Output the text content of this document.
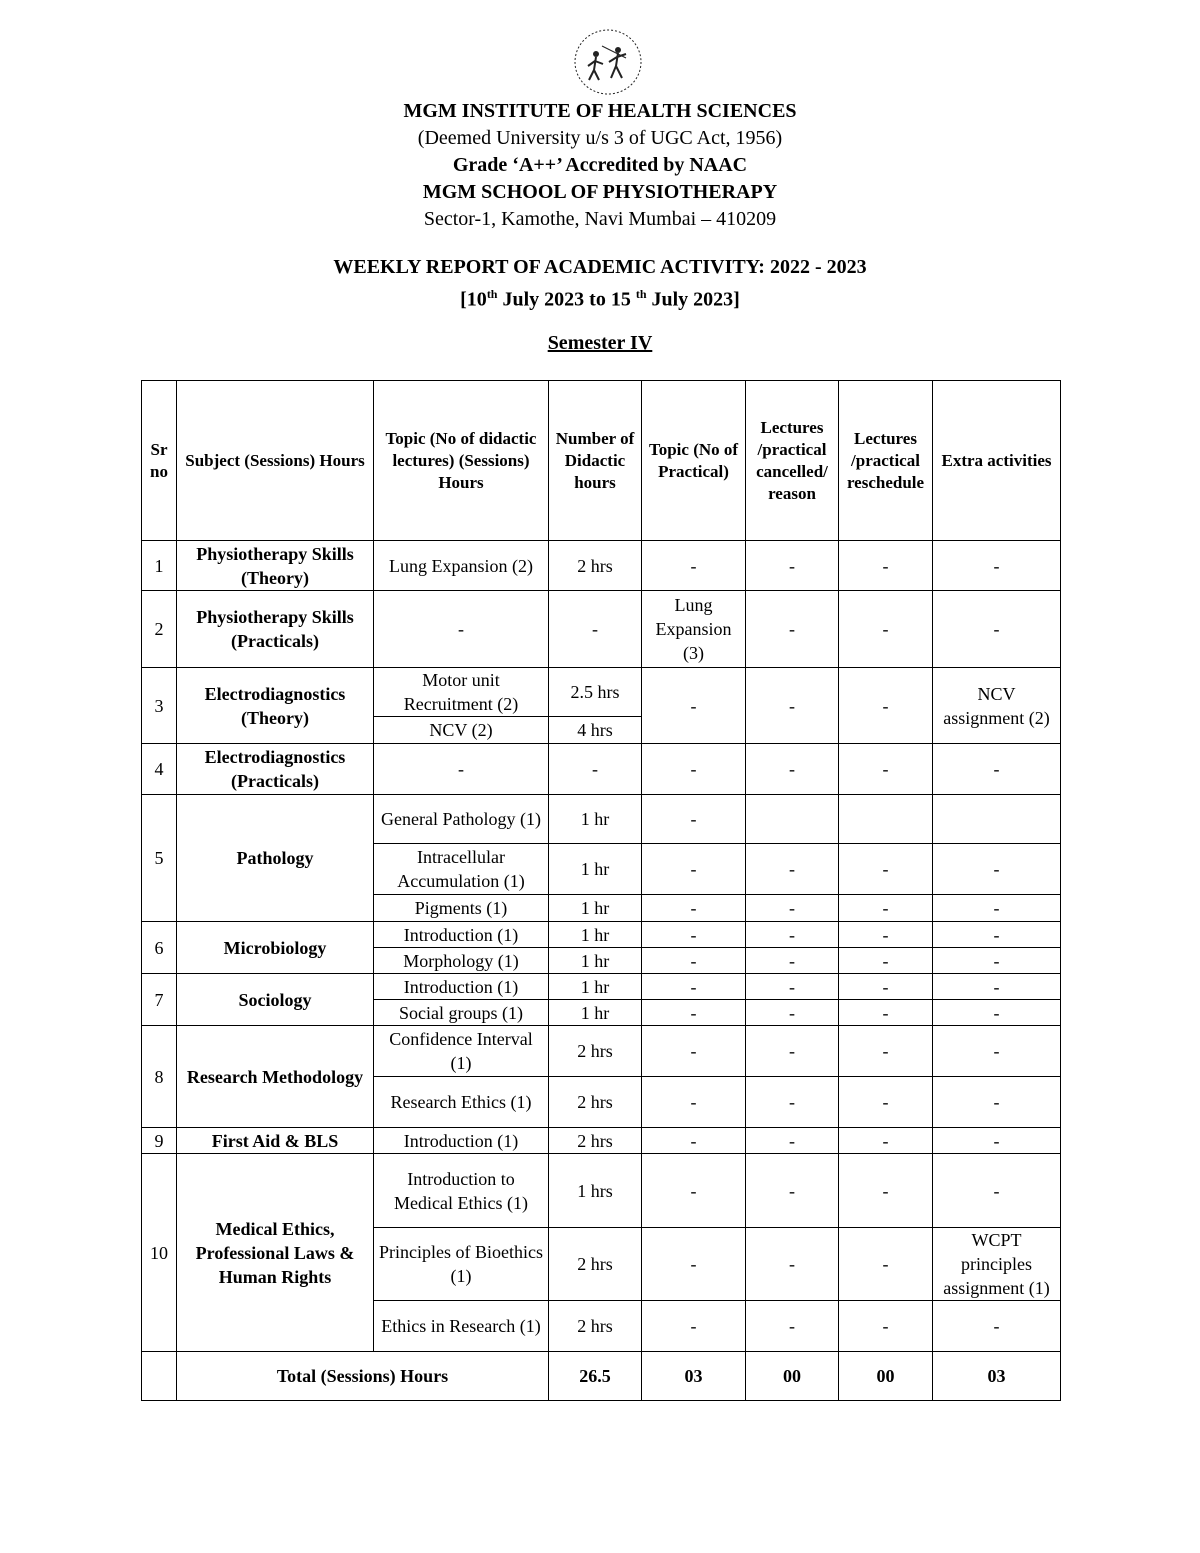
MGM INSTITUTE OF HEALTH SCIENCES
(Deemed University u/s 3 of UGC Act, 1956)
Grade ‘A++’ Accredited by NAAC
MGM SCHOOL OF PHYSIOTHERAPY
Sector-1, Kamothe, Navi Mumbai – 410209
WEEKLY REPORT OF ACADEMIC ACTIVITY: 2022 - 2023
[10th July 2023 to 15 $^{th}$ July 2023]
Semester IV
Sr no	Subject (Sessions) Hours	Topic (No of didactic lectures) (Sessions) Hours	Number of Didactic hours	Topic (No of Practical)	Lectures /practical cancelled/ reason	Lectures /practical reschedule	Extra activities
1	Physiotherapy Skills (Theory)	Lung Expansion (2)	2 hrs	-	-	-	-
2	Physiotherapy Skills (Practicals)	-	-	Lung Expansion (3)	-	-	-
3	Electrodiagnostics (Theory)	Motor unit Recruitment (2)	2.5 hrs	-	-	-	NCV assignment (2)
		NCV (2)	4 hrs				
4	Electrodiagnostics (Practicals)	-	-	-	-	-	-
5	Pathology	General Pathology (1)	1 hr	-			
		Intracellular Accumulation (1)	1 hr	-	-	-	-
		Pigments (1)	1 hr	-	-	-	-
6	Microbiology	Introduction (1)	1 hr	-	-	-	-
		Morphology (1)	1 hr	-	-	-	-
7	Sociology	Introduction (1)	1 hr	-	-	-	-
		Social groups (1)	1 hr	-	-	-	-
8	Research Methodology	Confidence Interval (1)	2 hrs	-	-	-	-
		Research Ethics (1)	2 hrs	-	-	-	-
9	First Aid & BLS	Introduction (1)	2 hrs	-	-	-	-
10	Medical Ethics, Professional Laws & Human Rights	Introduction to Medical Ethics (1)	1 hrs	-	-	-	-
		Principles of Bioethics (1)	2 hrs	-	-	-	WCPT principles assignment (1)
		Ethics in Research (1)	2 hrs	-	-	-	-
	Total (Sessions) Hours		26.5	03	00	00	03
